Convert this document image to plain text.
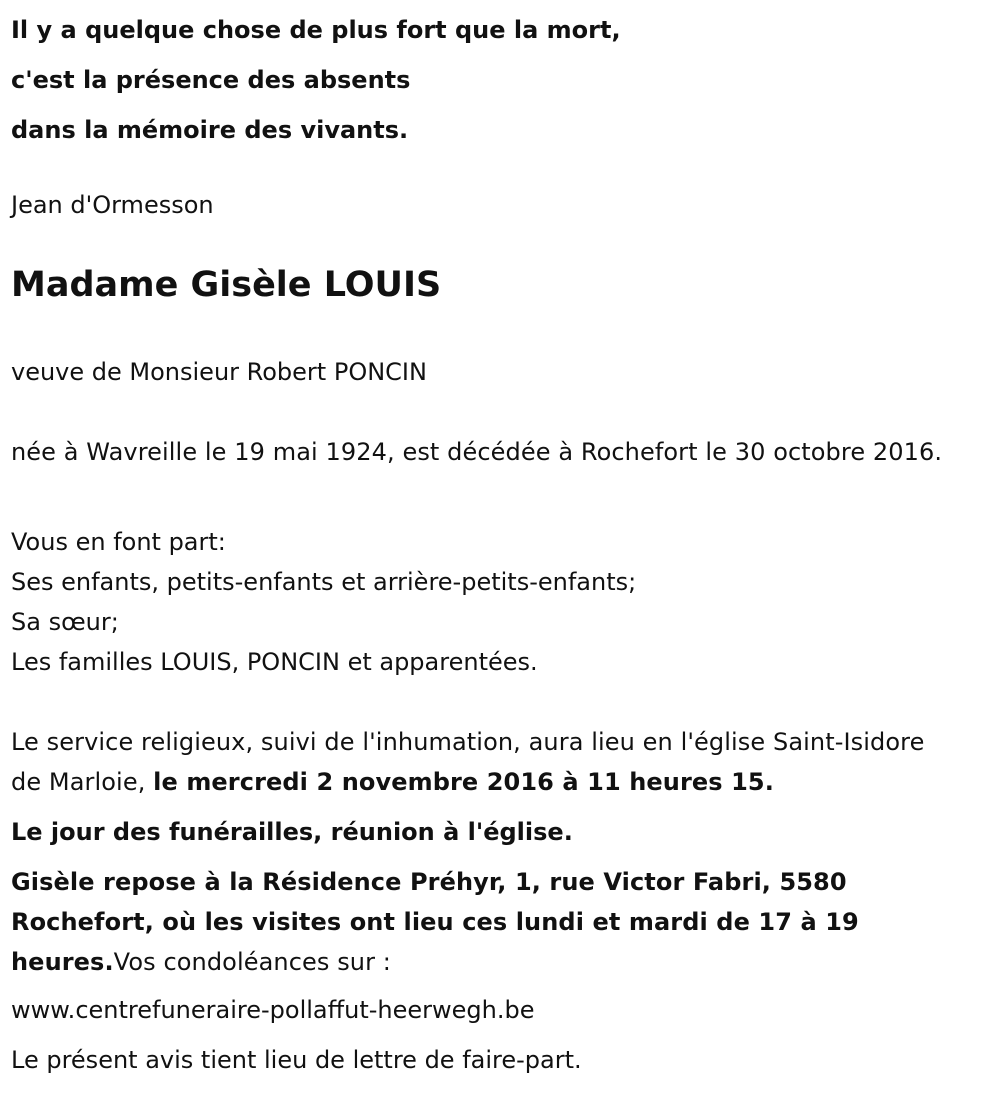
Il y a quelque chose de plus fort que la mort,

c'est la présence des absents

dans la mémoire des vivants.

Jean d'Ormesson

Madame Gisèle LOUIS

veuve de Monsieur Robert PONCIN

née à Wavreille le 19 mai 1924, est décédée à Rochefort le 30 octobre 2016.

Vous en font part:

Ses enfants, petits-enfants et arrière-petits-enfants;

Sa sœur;

Les familles LOUIS, PONCIN et apparentées.

Le service religieux, suivi de l'inhumation, aura lieu en l'église Saint-Isidore de Marloie, le mercredi 2 novembre 2016 à 11 heures 15.

Le jour des funérailles, réunion à l'église.

Gisèle repose à la Résidence Préhyr, 1, rue Victor Fabri, 5580 Rochefort, où les visites ont lieu ces lundi et mardi de 17 à 19 heures.Vos condoléances sur :

www.centrefuneraire-pollaffut-heerwegh.be

Le présent avis tient lieu de lettre de faire-part.
